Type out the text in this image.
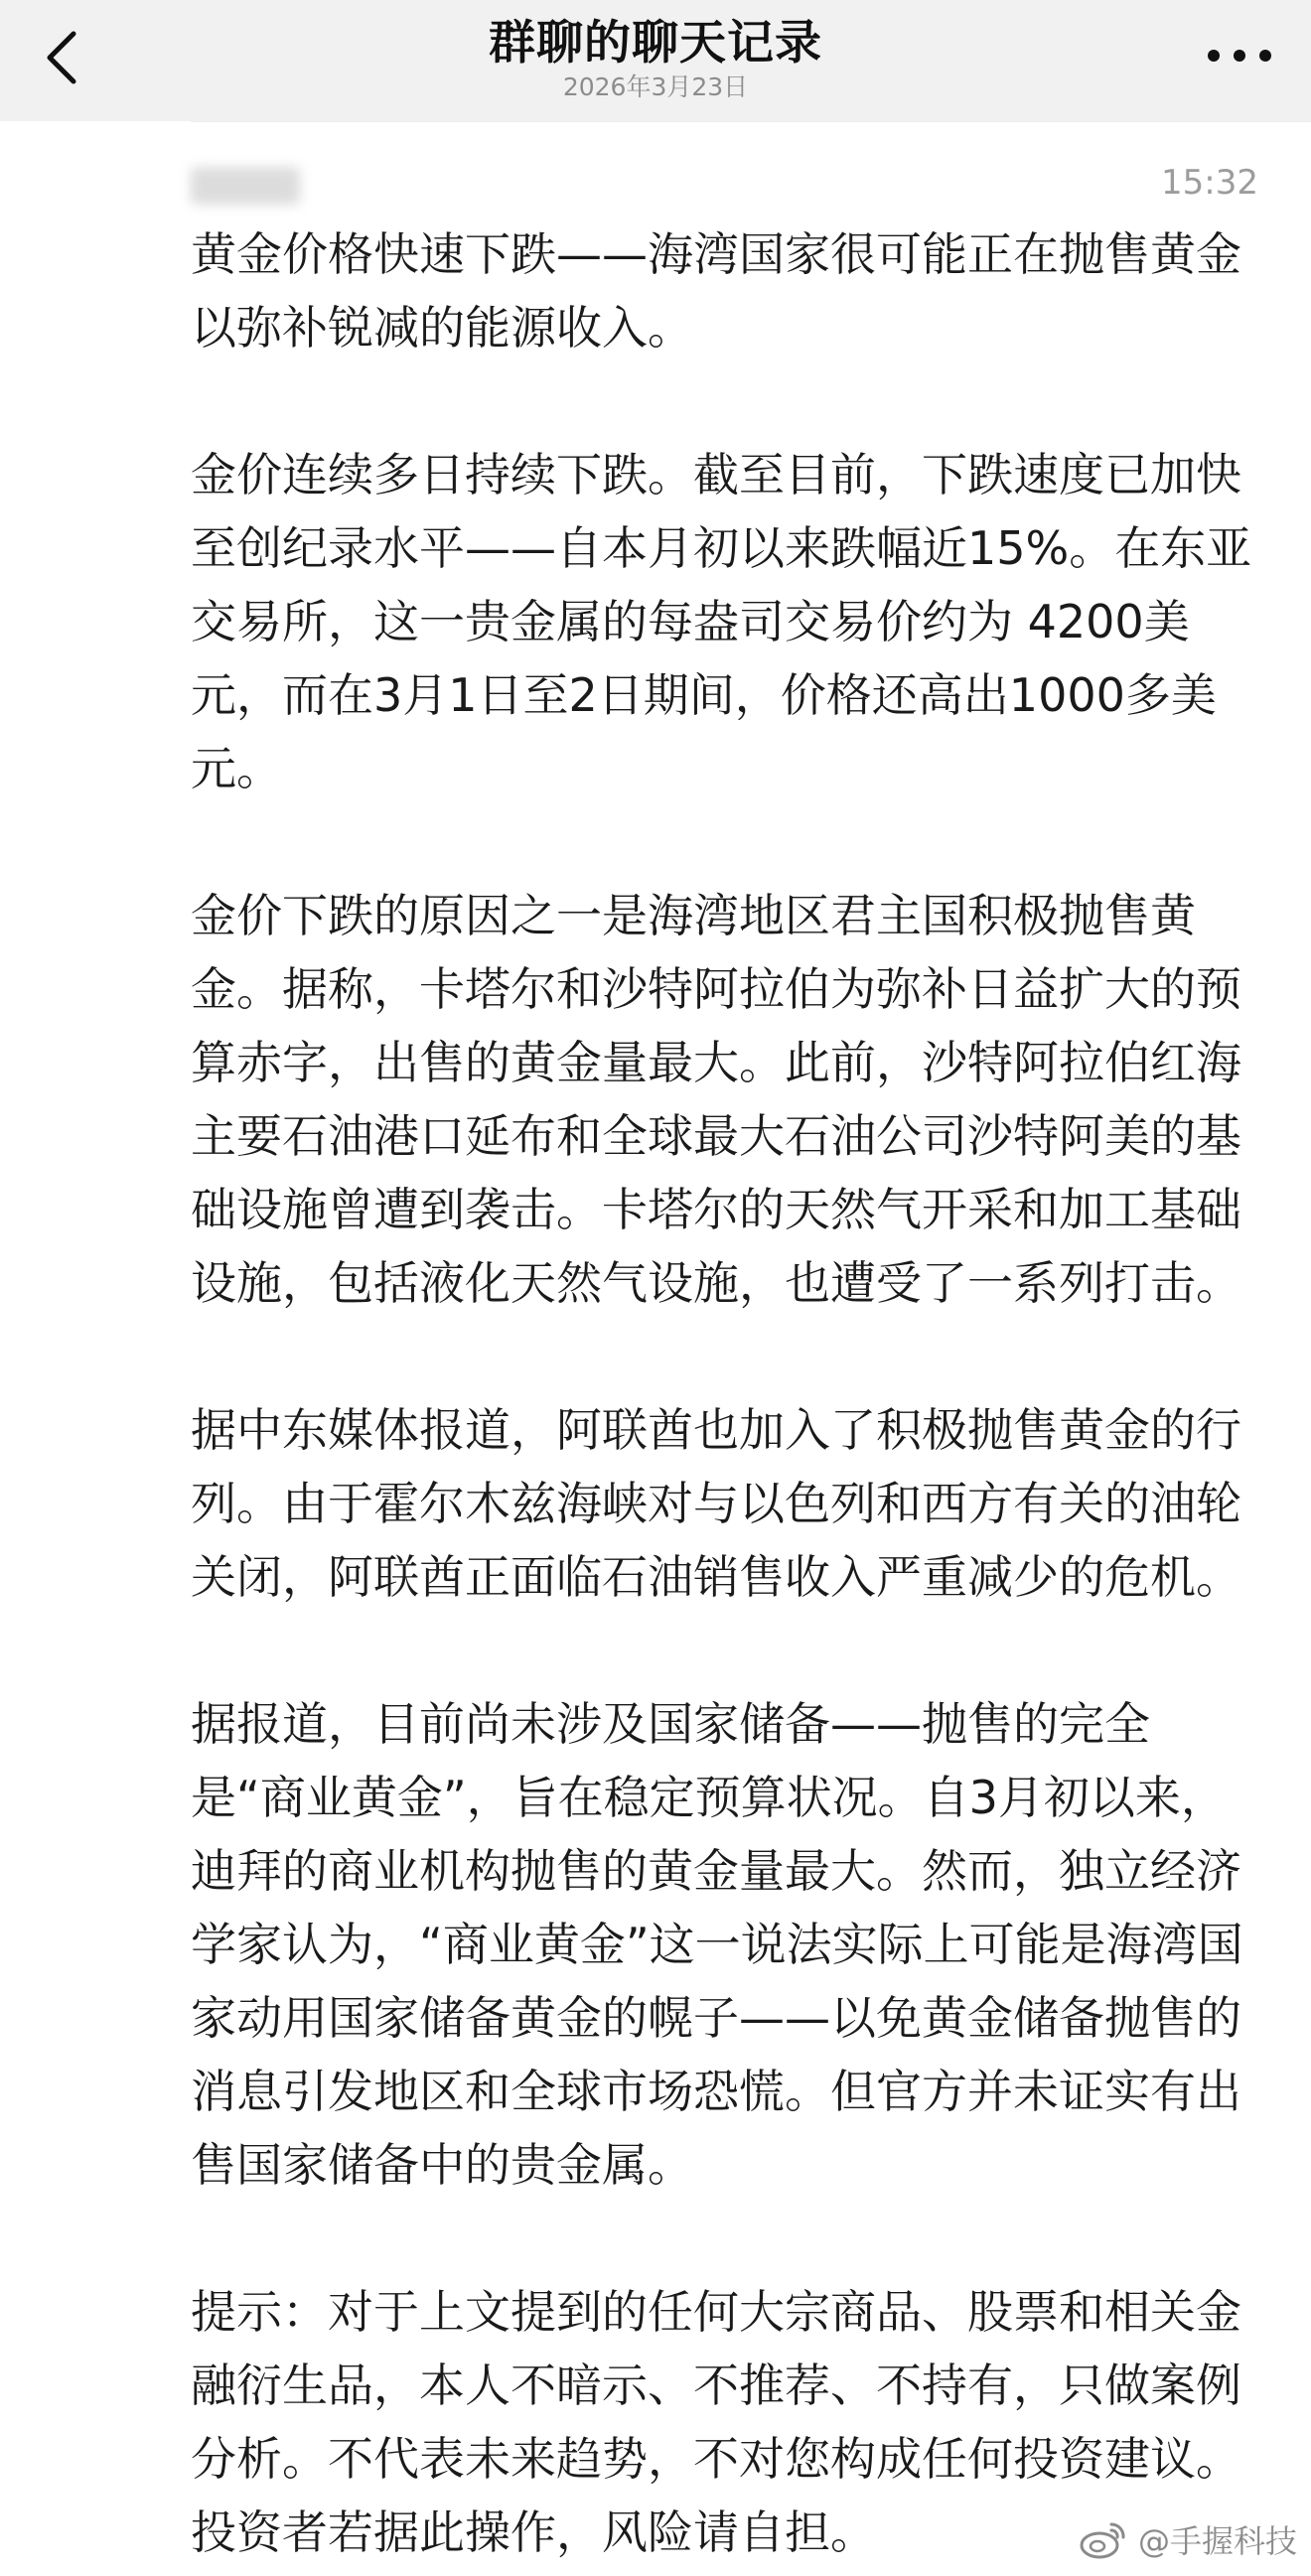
群聊的聊天记录
2026年3月23日
15:32

黄金价格快速下跌——海湾国家很可能正在抛售黄金以弥补锐减的能源收入。

金价连续多日持续下跌。截至目前，下跌速度已加快至创纪录水平——自本月初以来跌幅近15%。在东亚交易所，这一贵金属的每盎司交易价约为 4200美元，而在3月1日至2日期间，价格还高出1000多美元。

金价下跌的原因之一是海湾地区君主国积极抛售黄金。据称，卡塔尔和沙特阿拉伯为弥补日益扩大的预算赤字，出售的黄金量最大。此前，沙特阿拉伯红海主要石油港口延布和全球最大石油公司沙特阿美的基础设施曾遭到袭击。卡塔尔的天然气开采和加工基础设施，包括液化天然气设施，也遭受了一系列打击。

据中东媒体报道，阿联酋也加入了积极抛售黄金的行列。由于霍尔木兹海峡对与以色列和西方有关的油轮关闭，阿联酋正面临石油销售收入严重减少的危机。

据报道，目前尚未涉及国家储备——抛售的完全是“商业黄金”，旨在稳定预算状况。自3月初以来，迪拜的商业机构抛售的黄金量最大。然而，独立经济学家认为，“商业黄金”这一说法实际上可能是海湾国家动用国家储备黄金的幌子——以免黄金储备抛售的消息引发地区和全球市场恐慌。但官方并未证实有出售国家储备中的贵金属。

提示：对于上文提到的任何大宗商品、股票和相关金融衍生品，本人不暗示、不推荐、不持有，只做案例分析。不代表未来趋势，不对您构成任何投资建议。投资者若据此操作，风险请自担。	@手握科技
